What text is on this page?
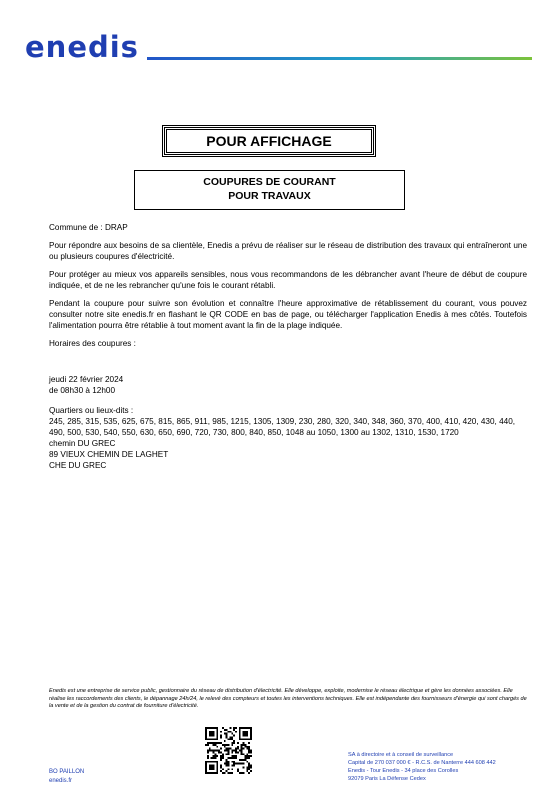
enedis
POUR AFFICHAGE
COUPURES DE COURANT
POUR TRAVAUX

Commune de : DRAP

Pour répondre aux besoins de sa clientèle, Enedis a prévu de réaliser sur le réseau de distribution des travaux qui entraîneront une ou plusieurs coupures d'électricité.

Pour protéger au mieux vos appareils sensibles, nous vous recommandons de les débrancher avant l'heure de début de coupure indiquée, et de ne les rebrancher qu'une fois le courant rétabli.

Pendant la coupure pour suivre son évolution et connaître l'heure approximative de rétablissement du courant, vous pouvez consulter notre site enedis.fr en flashant le QR CODE en bas de page, ou télécharger l'application Enedis à mes côtés. Toutefois l'alimentation pourra être rétablie à tout moment avant la fin de la plage indiquée.

Horaires des coupures :

jeudi 22 février 2024
de 08h30 à 12h00
Quartiers ou lieux-dits :
245, 285, 315, 535, 625, 675, 815, 865, 911, 985, 1215, 1305, 1309, 230, 280, 320, 340, 348, 360, 370, 400, 410, 420, 430, 440, 490, 500, 530, 540, 550, 630, 650, 690, 720, 730, 800, 840, 850, 1048 au 1050, 1300 au 1302, 1310, 1530, 1720
chemin DU GREC
89 VIEUX CHEMIN DE LAGHET
CHE DU GREC
Enedis est une entreprise de service public, gestionnaire du réseau de distribution d'électricité. Elle développe, exploite, modernise le réseau électrique et gère les données associées. Elle réalise les raccordements des clients, le dépannage 24h/24, le relevé des compteurs et toutes les interventions techniques. Elle est indépendante des fournisseurs d'énergie qui sont chargés de la vente et de la gestion du contrat de fourniture d'électricité.
BO PAILLON
enedis.fr
SA à directoire et à conseil de surveillance
Capital de 270 037 000 € - R.C.S. de Nanterre 444 608 442
Enedis - Tour Enedis - 34 place des Corolles
92079 Paris La Défense Cedex
